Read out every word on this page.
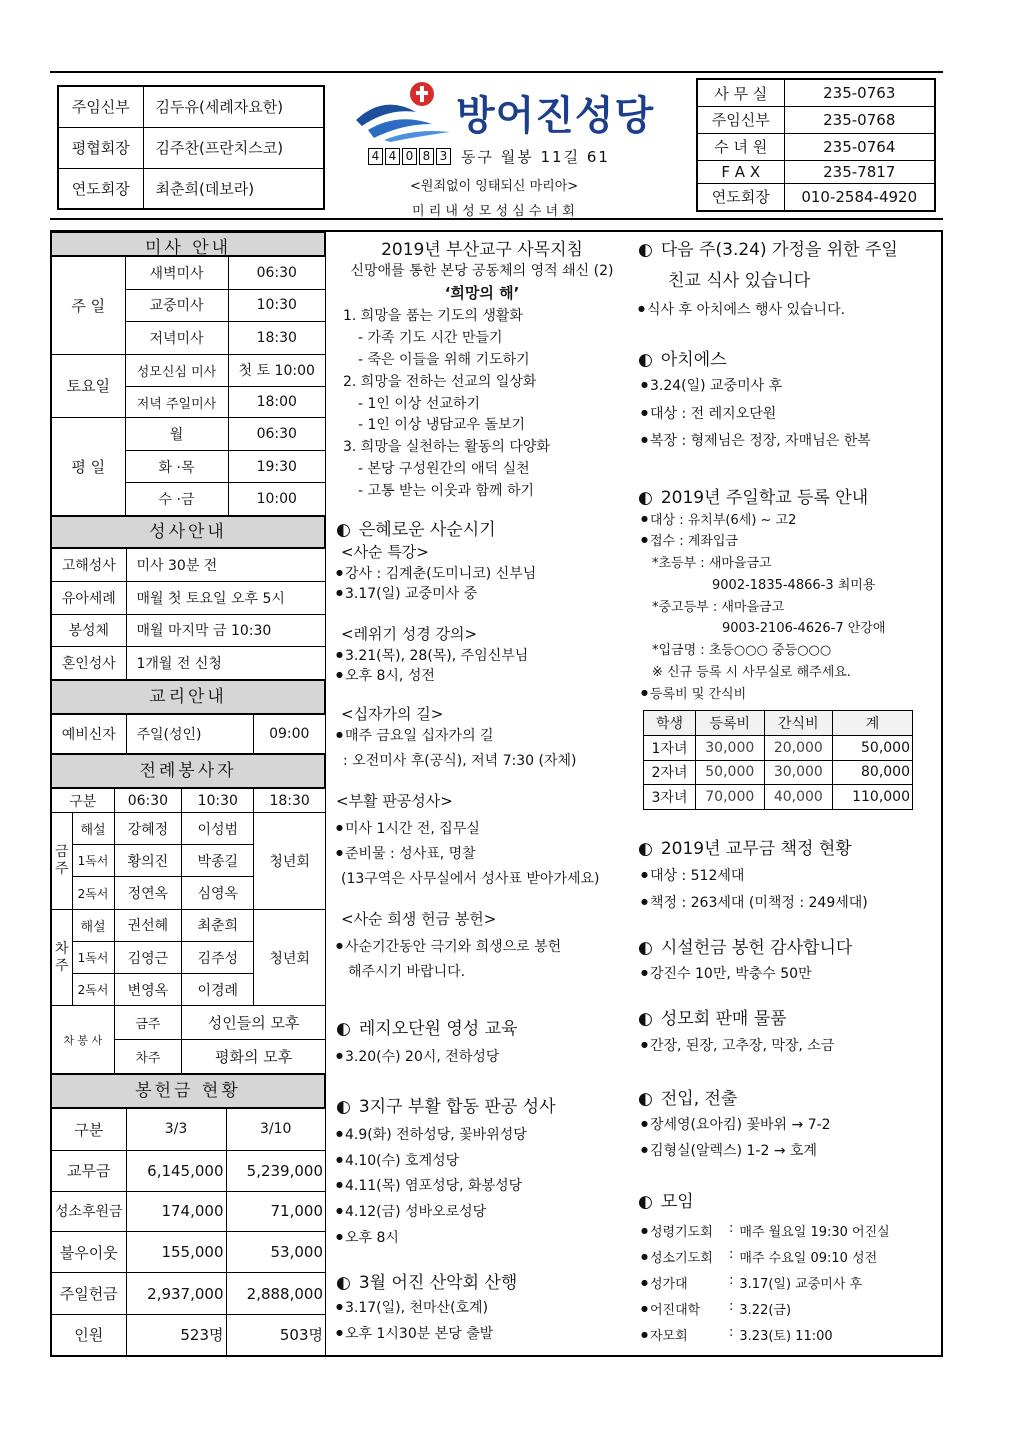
주임신부	김두유(세례자요한)
평협회장	김주찬(프란치스코)
연도회장	최춘희(데보라)
방어진성당
4 4 0 8 3 동구 월봉 11길 61
<원죄없이 잉태되신 마리아>
미 리 내 성 모 성 심 수 녀 회
사 무 실	235-0763
주임신부	235-0768
수 녀 원	235-0764
F A X	235-7817
연도회장	010-2584-4920
미사 안내
주 일	새벽미사	06:30
	교중미사	10:30
	저녁미사	18:30
토요일	성모신심 미사	첫 토 10:00
	저녁 주일미사	18:00
평 일	월	06:30
	화 ·목	19:30
	수 ·금	10:00
성사안내
고해성사	미사 30분 전
유아세례	매월 첫 토요일 오후 5시
봉성체	매월 마지막 금 10:30
혼인성사	1개월 전 신청
교리안내
예비신자	주일(성인)	09:00
전례봉사자
구분		06:30	10:30	18:30
금주	해설	강혜정	이성범	청년회
	1독서	황의진	박종길	
	2독서	정연옥	심영옥	
차주	해설	권선혜	최춘희	청년회
	1독서	김영근	김주성	
	2독서	변영옥	이경례	
차 봉 사		금주	성인들의 모후	
		차주	평화의 모후	
봉헌금 현황
구분	3/3	3/10
교무금	6,145,000	5,239,000
성소후원금	174,000	71,000
불우이웃	155,000	53,000
주일헌금	2,937,000	2,888,000
인원	523명	503명

2019년 부산교구 사목지침

신망애를 통한 본당 공동체의 영적 쇄신 (2)

‘희망의 해’

1. 희망을 품는 기도의 생활화

- 가족 기도 시간 만들기

- 죽은 이들을 위해 기도하기

2. 희망을 전하는 선교의 일상화

- 1인 이상 선교하기

- 1인 이상 냉담교우 돌보기

3. 희망을 실천하는 활동의 다양화

- 본당 구성원간의 애덕 실천

- 고통 받는 이웃과 함께 하기

◐ 은혜로운 사순시기

<사순 특강>

● 강사 : 김계춘(도미니코) 신부님

● 3.17(일) 교중미사 중

<레위기 성경 강의>

● 3.21(목), 28(목), 주임신부님

● 오후 8시, 성전

<십자가의 길>

● 매주 금요일 십자가의 길

: 오전미사 후(공식), 저녁 7:30 (자체)

<부활 판공성사>

● 미사 1시간 전, 집무실

● 준비물 : 성사표, 명찰

(13구역은 사무실에서 성사표 받아가세요)

<사순 희생 헌금 봉헌>

● 사순기간동안 극기와 희생으로 봉헌

해주시기 바랍니다.

◐ 레지오단원 영성 교육

● 3.20(수) 20시, 전하성당

◐ 3지구 부활 합동 판공 성사

● 4.9(화) 전하성당, 꽃바위성당

● 4.10(수) 호계성당

● 4.11(목) 염포성당, 화봉성당

● 4.12(금) 성바오로성당

● 오후 8시

◐ 3월 어진 산악회 산행

● 3.17(일), 천마산(호계)

● 오후 1시30분 본당 출발

◐ 다음 주(3.24) 가정을 위한 주일

친교 식사 있습니다

● 식사 후 아치에스 행사 있습니다.

◐ 아치에스

● 3.24(일) 교중미사 후

● 대상 : 전 레지오단원

● 복장 : 형제님은 정장, 자매님은 한복

◐ 2019년 주일학교 등록 안내

● 대상 : 유치부(6세) ~ 고2

● 접수 : 계좌입금

*초등부 : 새마을금고

9002-1835-4866-3 최미용

*중고등부 : 새마을금고

9003-2106-4626-7 안강애

*입금명 : 초등○○○ 중등○○○

※ 신규 등록 시 사무실로 해주세요.

● 등록비 및 간식비

학생	등록비	간식비	계
1자녀	30,000	20,000	50,000
2자녀	50,000	30,000	80,000
3자녀	70,000	40,000	110,000

◐ 2019년 교무금 책정 현황

● 대상 : 512세대

● 책정 : 263세대 (미책정 : 249세대)

◐ 시설헌금 봉헌 감사합니다

● 강진수 10만, 박충수 50만

◐ 성모회 판매 물품

● 간장, 된장, 고추장, 막장, 소금

◐ 전입, 전출

● 장세영(요아킴) 꽃바위 → 7-2

● 김형실(알렉스) 1-2 → 호계

◐ 모임

● 성령기도회	: 매주 월요일 19:30 어진실
● 성소기도회	: 매주 수요일 09:10 성전
● 성가대	: 3.17(일) 교중미사 후
● 어진대학	: 3.22(금)
● 자모회	: 3.23(토) 11:00
